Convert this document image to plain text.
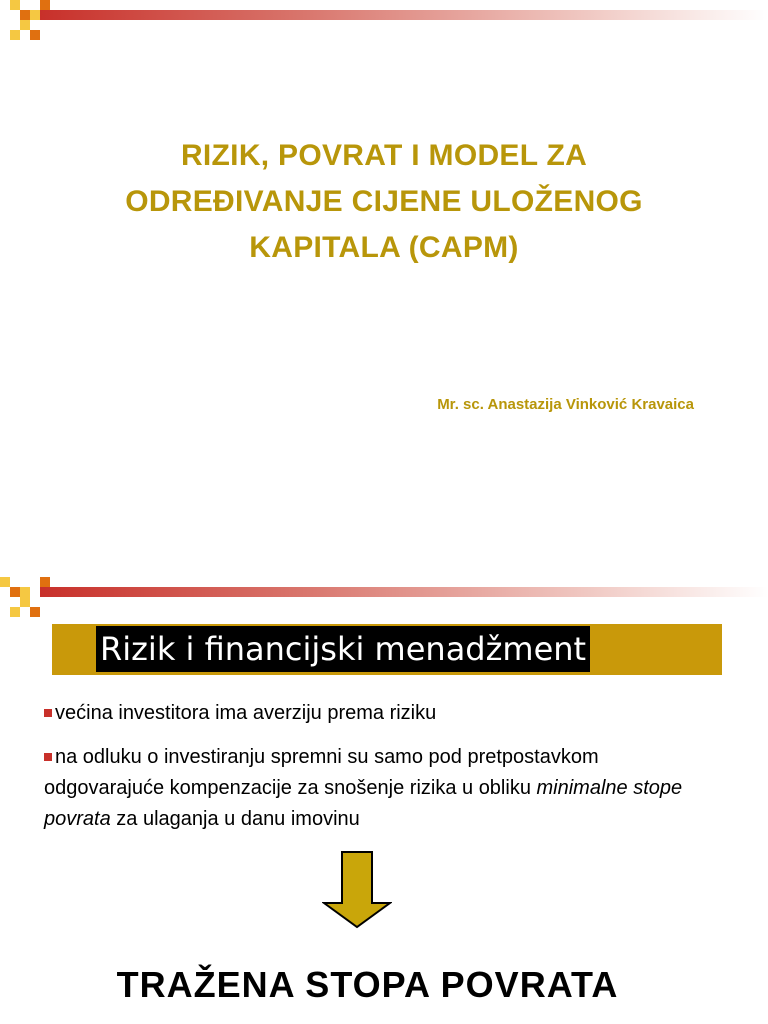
RIZIK, POVRAT I MODEL ZA
ODREĐIVANJE CIJENE ULOŽENOG
KAPITALA (CAPM)
Mr. sc. Anastazija Vinković Kravaica
Rizik i financijski menadžment
većina investitora ima averziju prema riziku
na odluku o investiranju spremni su samo pod pretpostavkom odgovarajuće kompenzacije za snošenje rizika u obliku minimalne stope povrata za ulaganja u danu imovinu
TRAŽENA STOPA POVRATA
